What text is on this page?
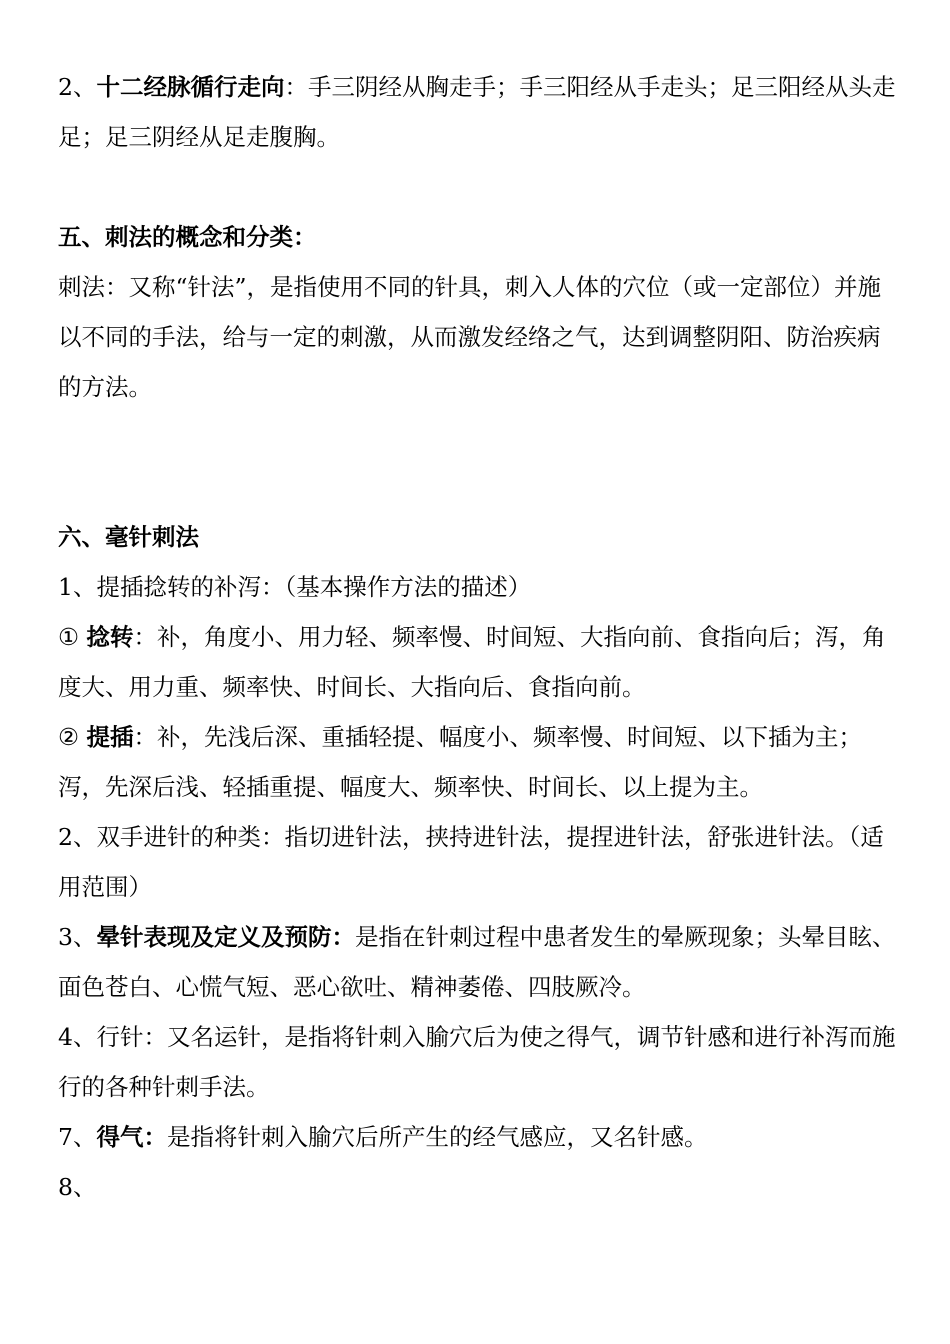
2、十二经脉循行走向：手三阴经从胸走手；手三阳经从手走头；足三阳经从头走足；足三阴经从足走腹胸。

五、刺法的概念和分类：

刺法：又称“针法”，是指使用不同的针具，刺入人体的穴位（或一定部位）并施以不同的手法，给与一定的刺激，从而激发经络之气，达到调整阴阳、防治疾病的方法。

六、毫针刺法

1、提插捻转的补泻：（基本操作方法的描述）

① 捻转：补，角度小、用力轻、频率慢、时间短、大指向前、食指向后；泻，角度大、用力重、频率快、时间长、大指向后、食指向前。

② 提插：补，先浅后深、重插轻提、幅度小、频率慢、时间短、以下插为主；泻，先深后浅、轻插重提、幅度大、频率快、时间长、以上提为主。

2、双手进针的种类：指切进针法，挟持进针法，提捏进针法，舒张进针法。（适用范围）

3、晕针表现及定义及预防：是指在针刺过程中患者发生的晕厥现象；头晕目眩、面色苍白、心慌气短、恶心欲吐、精神萎倦、四肢厥冷。

4、行针：又名运针，是指将针刺入腧穴后为使之得气，调节针感和进行补泻而施行的各种针刺手法。

7、得气：是指将针刺入腧穴后所产生的经气感应，又名针感。

8、
